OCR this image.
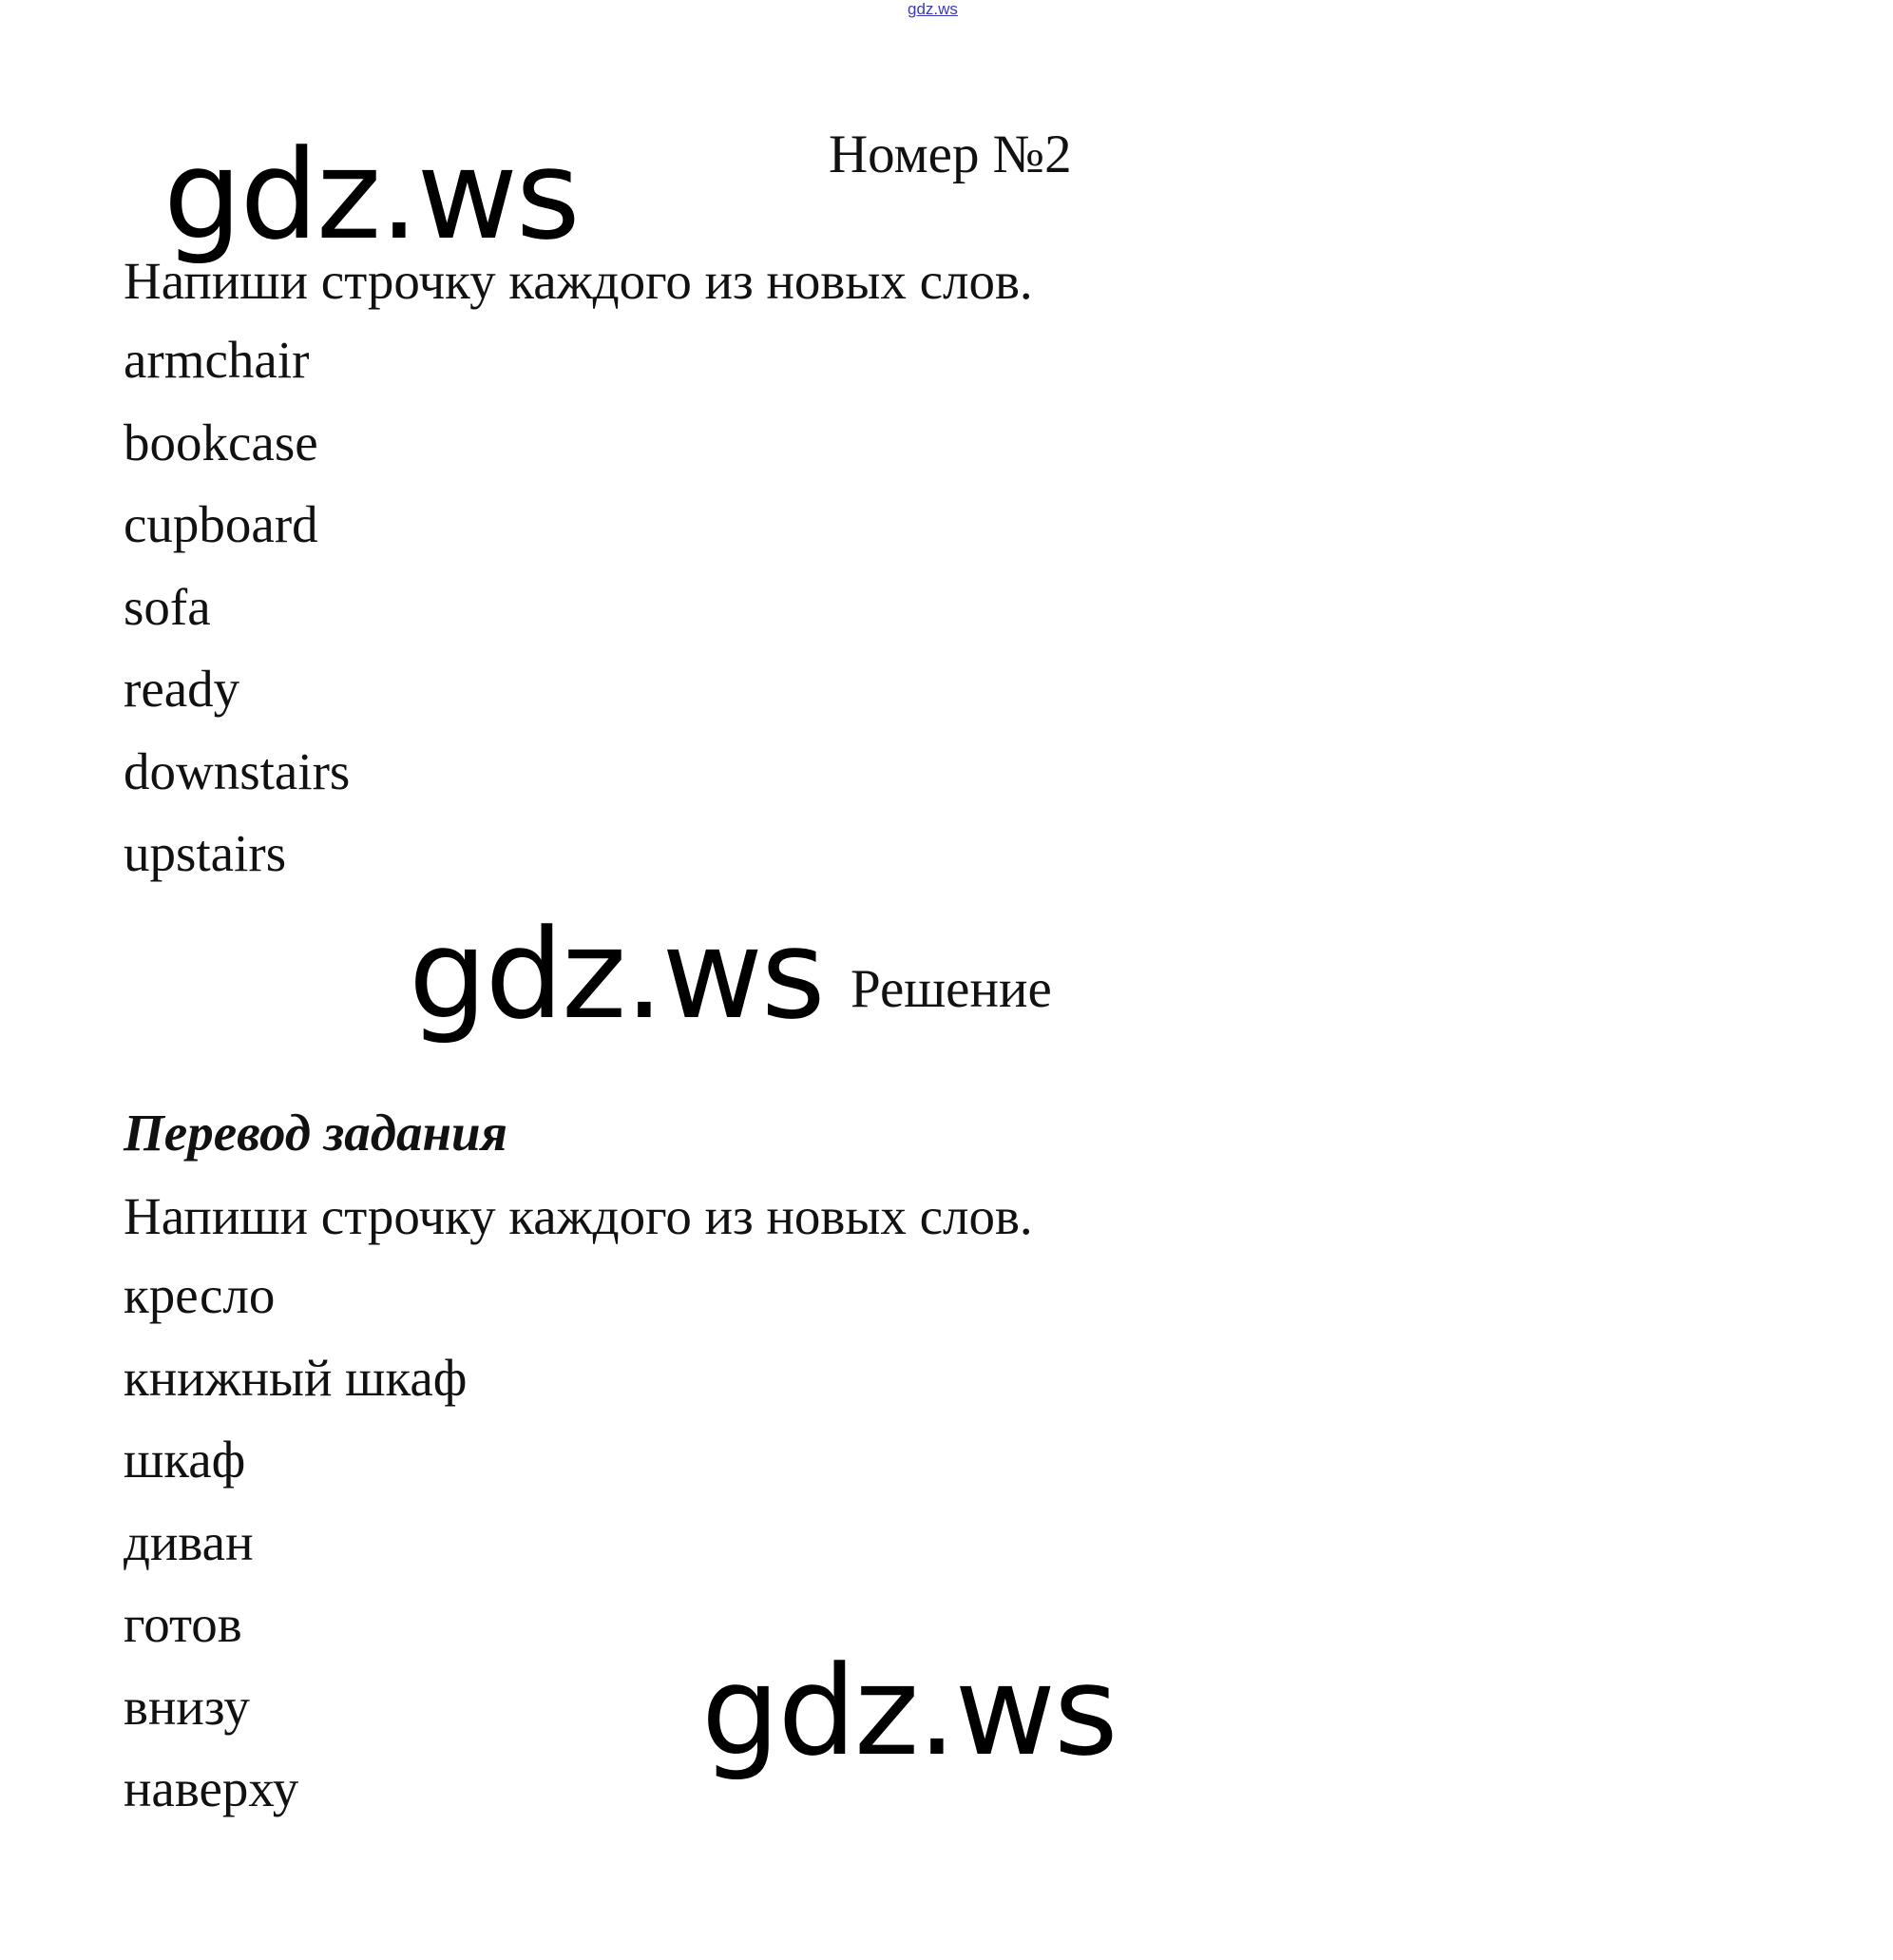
gdz.ws
gdz.ws	Номер №2
Напиши строчку каждого из новых слов.
armchair
bookcase
cupboard
sofa
ready
downstairs
upstairs
gdz.ws Решение
Перевод задания
Напиши строчку каждого из новых слов.
кресло
книжный шкаф
шкаф
диван
готов
внизу
наверху
gdz.ws
